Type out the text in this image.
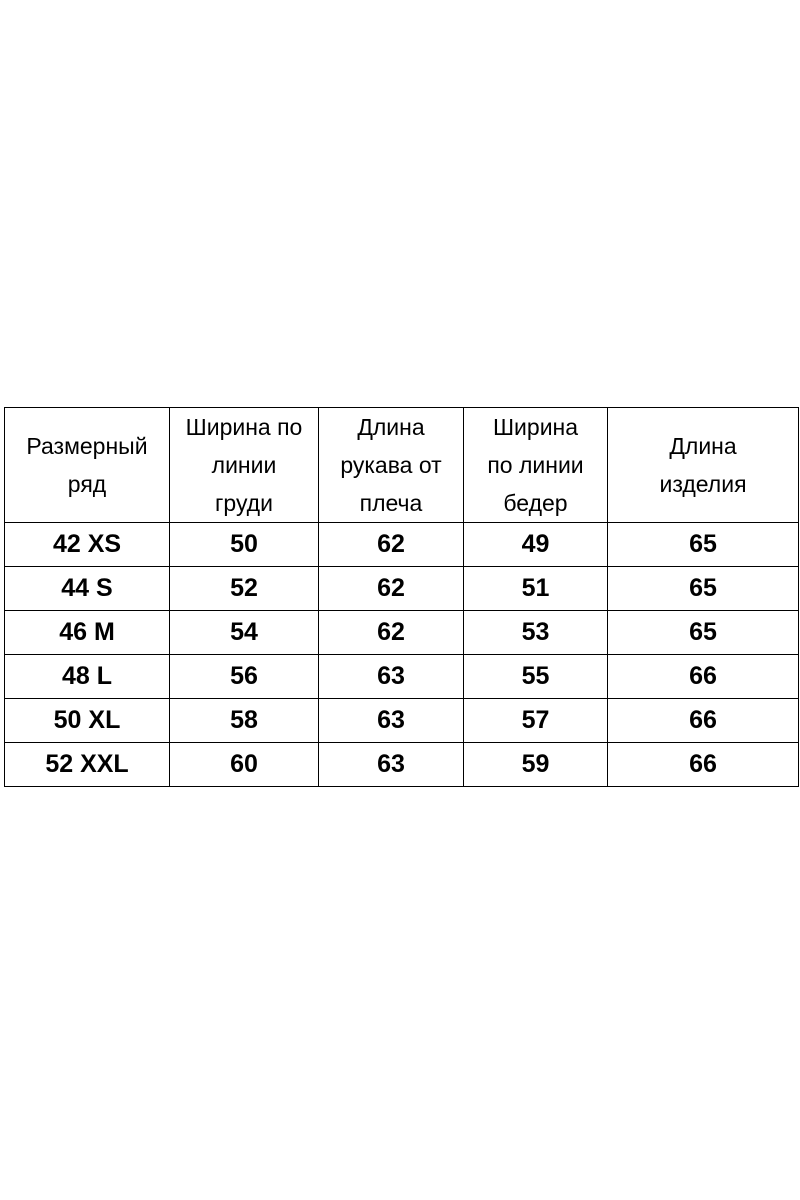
Размерный
ряд	Ширина по
линии
груди	Длина
рукава от
плеча	Ширина
по линии
бедер	Длина
изделия
42 XS	50	62	49	65
44 S	52	62	51	65
46 M	54	62	53	65
48 L	56	63	55	66
50 XL	58	63	57	66
52 XXL	60	63	59	66
